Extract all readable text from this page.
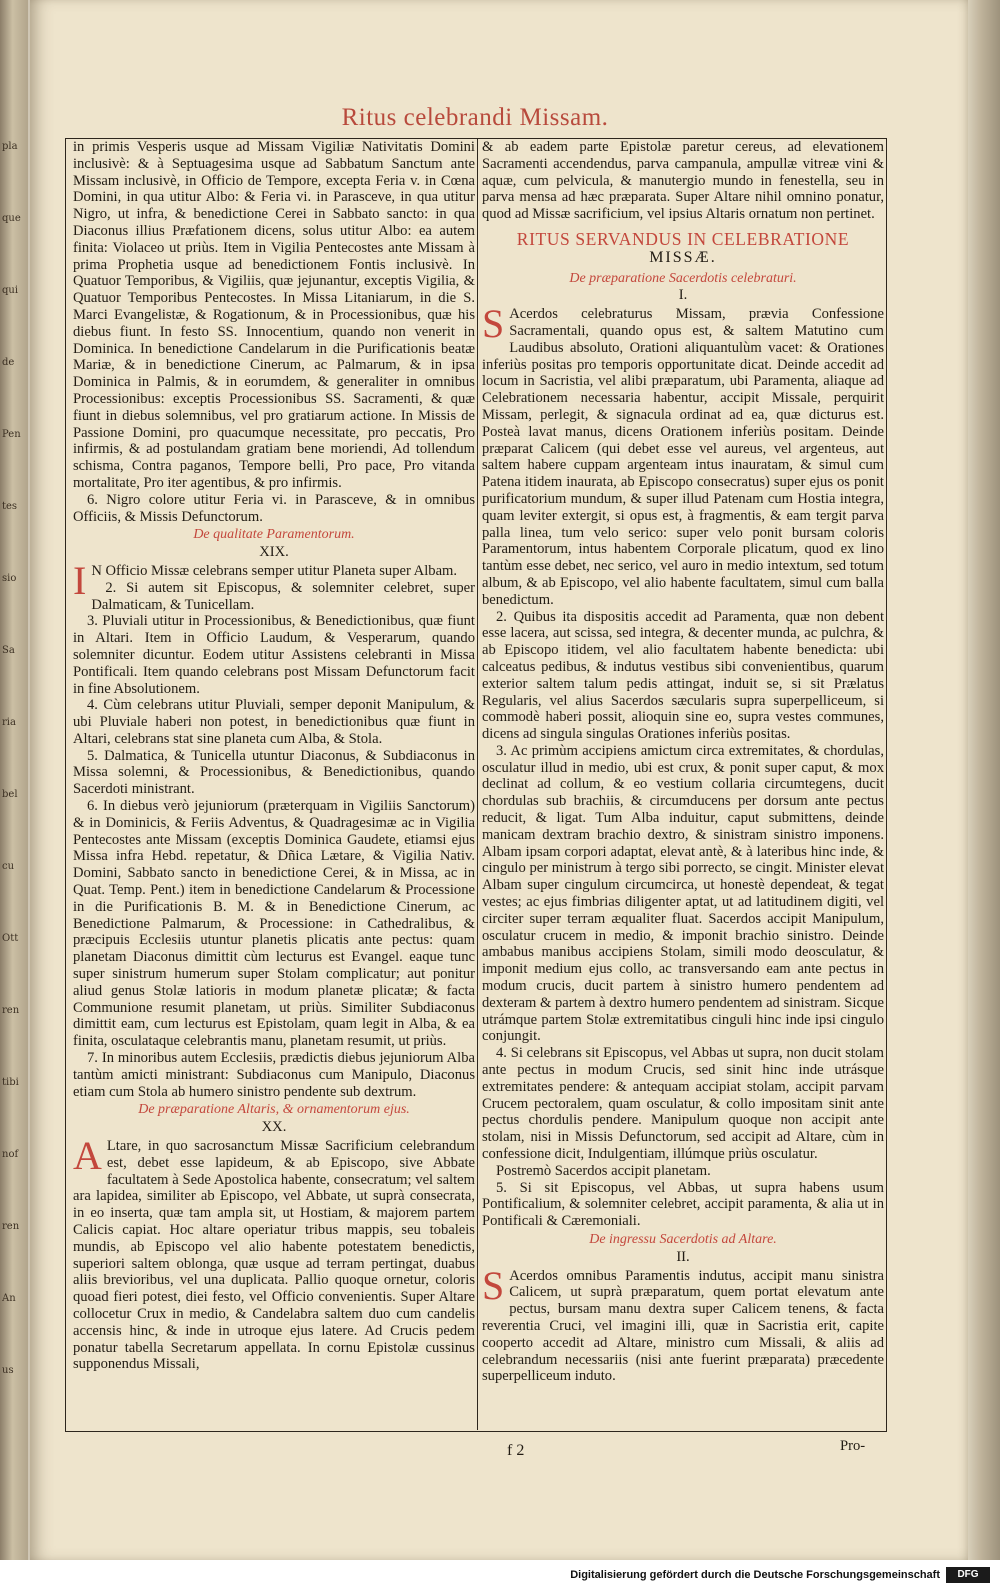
pla
que
qui
de
Pen
tes
sio
Sa
ria
bel
cu
Ott
ren
tibi
nof
ren
An
us
Ritus celebrandi Missam.

in primis Vesperis usque ad Missam Vigiliæ Nativitatis Domini inclusivè: & à Septuagesima usque ad Sabbatum Sanctum ante Missam inclusivè, in Officio de Tempore, excepta Feria v. in Cœna Domini, in qua utitur Albo: & Feria vi. in Parasceve, in qua utitur Nigro, ut infra, & benedictione Cerei in Sabbato sancto: in qua Diaconus illius Præfationem dicens, solus utitur Albo: ea autem finita: Violaceo ut priùs. Item in Vigilia Pentecostes ante Missam à prima Prophetia usque ad benedictionem Fontis inclusivè. In Quatuor Temporibus, & Vigiliis, quæ jejunantur, exceptis Vigilia, & Quatuor Temporibus Pentecostes. In Missa Litaniarum, in die S. Marci Evangelistæ, & Rogationum, & in Processionibus, quæ his diebus fiunt. In festo SS. Innocentium, quando non venerit in Dominica. In benedictione Candelarum in die Purificationis beatæ Mariæ, & in benedictione Cinerum, ac Palmarum, & in ipsa Dominica in Palmis, & in eorumdem, & generaliter in omnibus Processionibus: exceptis Processionibus SS. Sacramenti, & quæ fiunt in diebus solemnibus, vel pro gratiarum actione. In Missis de Passione Domini, pro quacumque necessitate, pro peccatis, Pro infirmis, & ad postulandam gratiam bene moriendi, Ad tollendum schisma, Contra paganos, Tempore belli, Pro pace, Pro vitanda mortalitate, Pro iter agentibus, & pro infirmis.

6. Nigro colore utitur Feria vi. in Parasceve, & in omnibus Officiis, & Missis Defunctorum.

De qualitate Paramentorum.
XIX.

I N Officio Missæ celebrans semper utitur Planeta super Albam.

2. Si autem sit Episcopus, & solemniter celebret, super Dalmaticam, & Tunicellam.

3. Pluviali utitur in Processionibus, & Benedictionibus, quæ fiunt in Altari. Item in Officio Laudum, & Vesperarum, quando solemniter dicuntur. Eodem utitur Assistens celebranti in Missa Pontificali. Item quando celebrans post Missam Defunctorum facit in fine Absolutionem.

4. Cùm celebrans utitur Pluviali, semper deponit Manipulum, & ubi Pluviale haberi non potest, in benedictionibus quæ fiunt in Altari, celebrans stat sine planeta cum Alba, & Stola.

5. Dalmatica, & Tunicella utuntur Diaconus, & Subdiaconus in Missa solemni, & Processionibus, & Benedictionibus, quando Sacerdoti ministrant.

6. In diebus verò jejuniorum (præterquam in Vigiliis Sanctorum) & in Dominicis, & Feriis Adventus, & Quadragesimæ ac in Vigilia Pentecostes ante Missam (exceptis Dominica Gaudete, etiamsi ejus Missa infra Hebd. repetatur, & Dñica Lætare, & Vigilia Nativ. Domini, Sabbato sancto in benedictione Cerei, & in Missa, ac in Quat. Temp. Pent.) item in benedictione Candelarum & Processione in die Purificationis B. M. & in Benedictione Cinerum, ac Benedictione Palmarum, & Processione: in Cathedralibus, & præcipuis Ecclesiis utuntur planetis plicatis ante pectus: quam planetam Diaconus dimittit cùm lecturus est Evangel. eaque tunc super sinistrum humerum super Stolam complicatur; aut ponitur aliud genus Stolæ latioris in modum planetæ plicatæ; & facta Communione resumit planetam, ut priùs. Similiter Subdiaconus dimittit eam, cum lecturus est Epistolam, quam legit in Alba, & ea finita, osculataque celebrantis manu, planetam resumit, ut priùs.

7. In minoribus autem Ecclesiis, prædictis diebus jejuniorum Alba tantùm amicti ministrant: Subdiaconus cum Manipulo, Diaconus etiam cum Stola ab humero sinistro pendente sub dextrum.

De præparatione Altaris, & ornamentorum ejus.
XX.

A Ltare, in quo sacrosanctum Missæ Sacrificium celebrandum est, debet esse lapideum, & ab Episcopo, sive Abbate facultatem à Sede Apostolica habente, consecratum; vel saltem ara lapidea, similiter ab Episcopo, vel Abbate, ut suprà consecrata, in eo inserta, quæ tam ampla sit, ut Hostiam, & majorem partem Calicis capiat. Hoc altare operiatur tribus mappis, seu tobaleis mundis, ab Episcopo vel alio habente potestatem benedictis, superiori saltem oblonga, quæ usque ad terram pertingat, duabus aliis brevioribus, vel una duplicata. Pallio quoque ornetur, coloris quoad fieri potest, diei festo, vel Officio convenientis. Super Altare collocetur Crux in medio, & Candelabra saltem duo cum candelis accensis hinc, & inde in utroque ejus latere. Ad Crucis pedem ponatur tabella Secretarum appellata. In cornu Epistolæ cussinus supponendus Missali,

& ab eadem parte Epistolæ paretur cereus, ad elevationem Sacramenti accendendus, parva campanula, ampullæ vitreæ vini & aquæ, cum pelvicula, & manutergio mundo in fenestella, seu in parva mensa ad hæc præparata. Super Altare nihil omnino ponatur, quod ad Missæ sacrificium, vel ipsius Altaris ornatum non pertinet.

RITUS SERVANDUS IN CELEBRATIONE
MISSÆ.
De præparatione Sacerdotis celebraturi.
I.

S Acerdos celebraturus Missam, prævia Confessione Sacramentali, quando opus est, & saltem Matutino cum Laudibus absoluto, Orationi aliquantulùm vacet: & Orationes inferiùs positas pro temporis opportunitate dicat. Deinde accedit ad locum in Sacristia, vel alibi præparatum, ubi Paramenta, aliaque ad Celebrationem necessaria habentur, accipit Missale, perquirit Missam, perlegit, & signacula ordinat ad ea, quæ dicturus est. Posteà lavat manus, dicens Orationem inferiùs positam. Deinde præparat Calicem (qui debet esse vel aureus, vel argenteus, aut saltem habere cuppam argenteam intus inauratam, & simul cum Patena itidem inaurata, ab Episcopo consecratus) super ejus os ponit purificatorium mundum, & super illud Patenam cum Hostia integra, quam leviter extergit, si opus est, à fragmentis, & eam tergit parva palla linea, tum velo serico: super velo ponit bursam coloris Paramentorum, intus habentem Corporale plicatum, quod ex lino tantùm esse debet, nec serico, vel auro in medio intextum, sed totum album, & ab Episcopo, vel alio habente facultatem, simul cum balla benedictum.

2. Quibus ita dispositis accedit ad Paramenta, quæ non debent esse lacera, aut scissa, sed integra, & decenter munda, ac pulchra, & ab Episcopo itidem, vel alio facultatem habente benedicta: ubi calceatus pedibus, & indutus vestibus sibi convenientibus, quarum exterior saltem talum pedis attingat, induit se, si sit Prælatus Regularis, vel alius Sacerdos sæcularis supra superpelliceum, si commodè haberi possit, alioquin sine eo, supra vestes communes, dicens ad singula singulas Orationes inferiùs positas.

3. Ac primùm accipiens amictum circa extremitates, & chordulas, osculatur illud in medio, ubi est crux, & ponit super caput, & mox declinat ad collum, & eo vestium collaria circumtegens, ducit chordulas sub brachiis, & circumducens per dorsum ante pectus reducit, & ligat. Tum Alba induitur, caput submittens, deinde manicam dextram brachio dextro, & sinistram sinistro imponens. Albam ipsam corpori adaptat, elevat antè, & à lateribus hinc inde, & cingulo per ministrum à tergo sibi porrecto, se cingit. Minister elevat Albam super cingulum circumcirca, ut honestè dependeat, & tegat vestes; ac ejus fimbrias diligenter aptat, ut ad latitudinem digiti, vel circiter super terram æqualiter fluat. Sacerdos accipit Manipulum, osculatur crucem in medio, & imponit brachio sinistro. Deinde ambabus manibus accipiens Stolam, simili modo deosculatur, & imponit medium ejus collo, ac transversando eam ante pectus in modum crucis, ducit partem à sinistro humero pendentem ad dexteram & partem à dextro humero pendentem ad sinistram. Sicque utrámque partem Stolæ extremitatibus cinguli hinc inde ipsi cingulo conjungit.

4. Si celebrans sit Episcopus, vel Abbas ut supra, non ducit stolam ante pectus in modum Crucis, sed sinit hinc inde utrásque extremitates pendere: & antequam accipiat stolam, accipit parvam Crucem pectoralem, quam osculatur, & collo impositam sinit ante pectus chordulis pendere. Manipulum quoque non accipit ante stolam, nisi in Missis Defunctorum, sed accipit ad Altare, cùm in confessione dicit, Indulgentiam, illúmque priùs osculatur.

Postremò Sacerdos accipit planetam.

5. Si sit Episcopus, vel Abbas, ut supra habens usum Pontificalium, & solemniter celebret, accipit paramenta, & alia ut in Pontificali & Cæremoniali.

De ingressu Sacerdotis ad Altare.
II.

S Acerdos omnibus Paramentis indutus, accipit manu sinistra Calicem, ut suprà præparatum, quem portat elevatum ante pectus, bursam manu dextra super Calicem tenens, & facta reverentia Cruci, vel imagini illi, quæ in Sacristia erit, capite cooperto accedit ad Altare, ministro cum Missali, & aliis ad celebrandum necessariis (nisi ante fuerint præparata) præcedente superpelliceum induto.

f 2	Pro-
Digitalisierung gefördert durch die Deutsche Forschungsgemeinschaft	DFG
